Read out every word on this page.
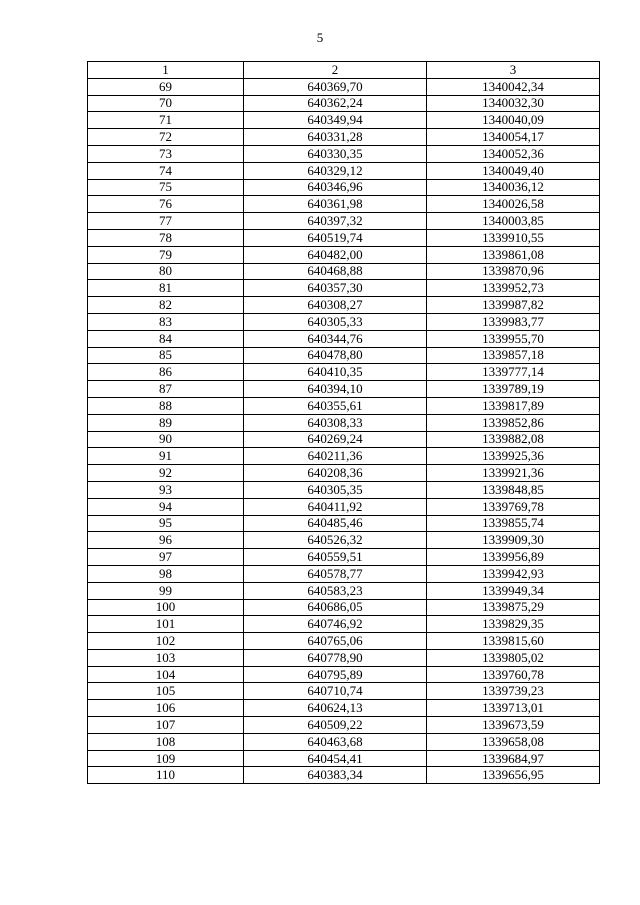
5
1	2	3
69	640369,70	1340042,34
70	640362,24	1340032,30
71	640349,94	1340040,09
72	640331,28	1340054,17
73	640330,35	1340052,36
74	640329,12	1340049,40
75	640346,96	1340036,12
76	640361,98	1340026,58
77	640397,32	1340003,85
78	640519,74	1339910,55
79	640482,00	1339861,08
80	640468,88	1339870,96
81	640357,30	1339952,73
82	640308,27	1339987,82
83	640305,33	1339983,77
84	640344,76	1339955,70
85	640478,80	1339857,18
86	640410,35	1339777,14
87	640394,10	1339789,19
88	640355,61	1339817,89
89	640308,33	1339852,86
90	640269,24	1339882,08
91	640211,36	1339925,36
92	640208,36	1339921,36
93	640305,35	1339848,85
94	640411,92	1339769,78
95	640485,46	1339855,74
96	640526,32	1339909,30
97	640559,51	1339956,89
98	640578,77	1339942,93
99	640583,23	1339949,34
100	640686,05	1339875,29
101	640746,92	1339829,35
102	640765,06	1339815,60
103	640778,90	1339805,02
104	640795,89	1339760,78
105	640710,74	1339739,23
106	640624,13	1339713,01
107	640509,22	1339673,59
108	640463,68	1339658,08
109	640454,41	1339684,97
110	640383,34	1339656,95
